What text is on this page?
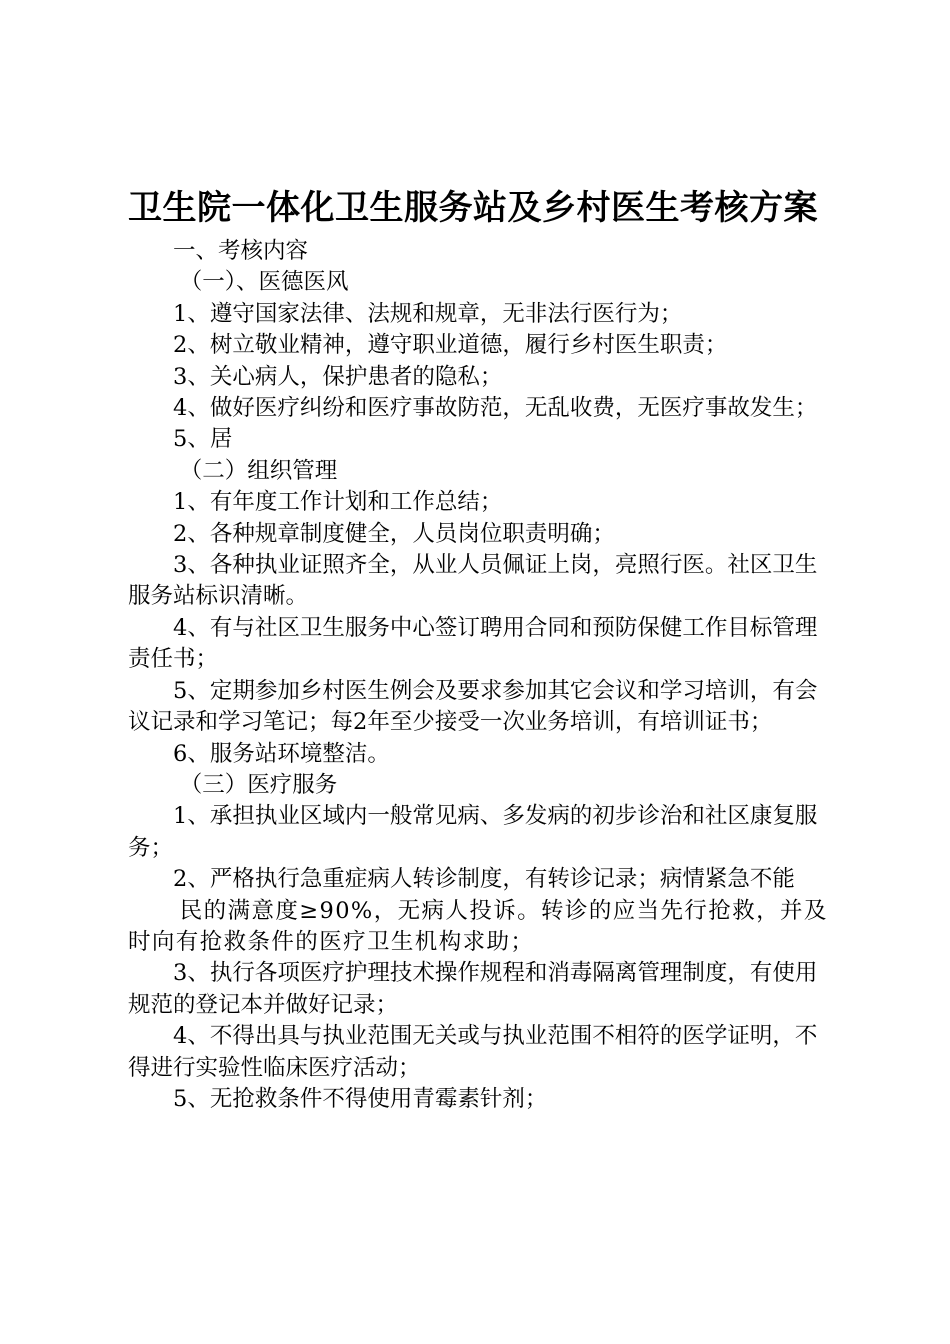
卫生院一体化卫生服务站及乡村医生考核方案

一、考核内容

（一）、医德医风

1、遵守国家法律、法规和规章，无非法行医行为；

2、树立敬业精神，遵守职业道德，履行乡村医生职责；

3、关心病人，保护患者的隐私；

4、做好医疗纠纷和医疗事故防范，无乱收费，无医疗事故发生；

5、居

（二）组织管理

1、有年度工作计划和工作总结；

2、各种规章制度健全，人员岗位职责明确；

3、各种执业证照齐全，从业人员佩证上岗，亮照行医。社区卫生服务站标识清晰。

4、有与社区卫生服务中心签订聘用合同和预防保健工作目标管理责任书；

5、定期参加乡村医生例会及要求参加其它会议和学习培训，有会议记录和学习笔记；每2年至少接受一次业务培训，有培训证书；

6、服务站环境整洁。

（三）医疗服务

1、承担执业区域内一般常见病、多发病的初步诊治和社区康复服务；

2、严格执行急重症病人转诊制度，有转诊记录；病情紧急不能

民的满意度≥90%，无病人投诉。转诊的应当先行抢救，并及时向有抢救条件的医疗卫生机构求助；

3、执行各项医疗护理技术操作规程和消毒隔离管理制度，有使用规范的登记本并做好记录；

4、不得出具与执业范围无关或与执业范围不相符的医学证明，不得进行实验性临床医疗活动；

5、无抢救条件不得使用青霉素针剂；
